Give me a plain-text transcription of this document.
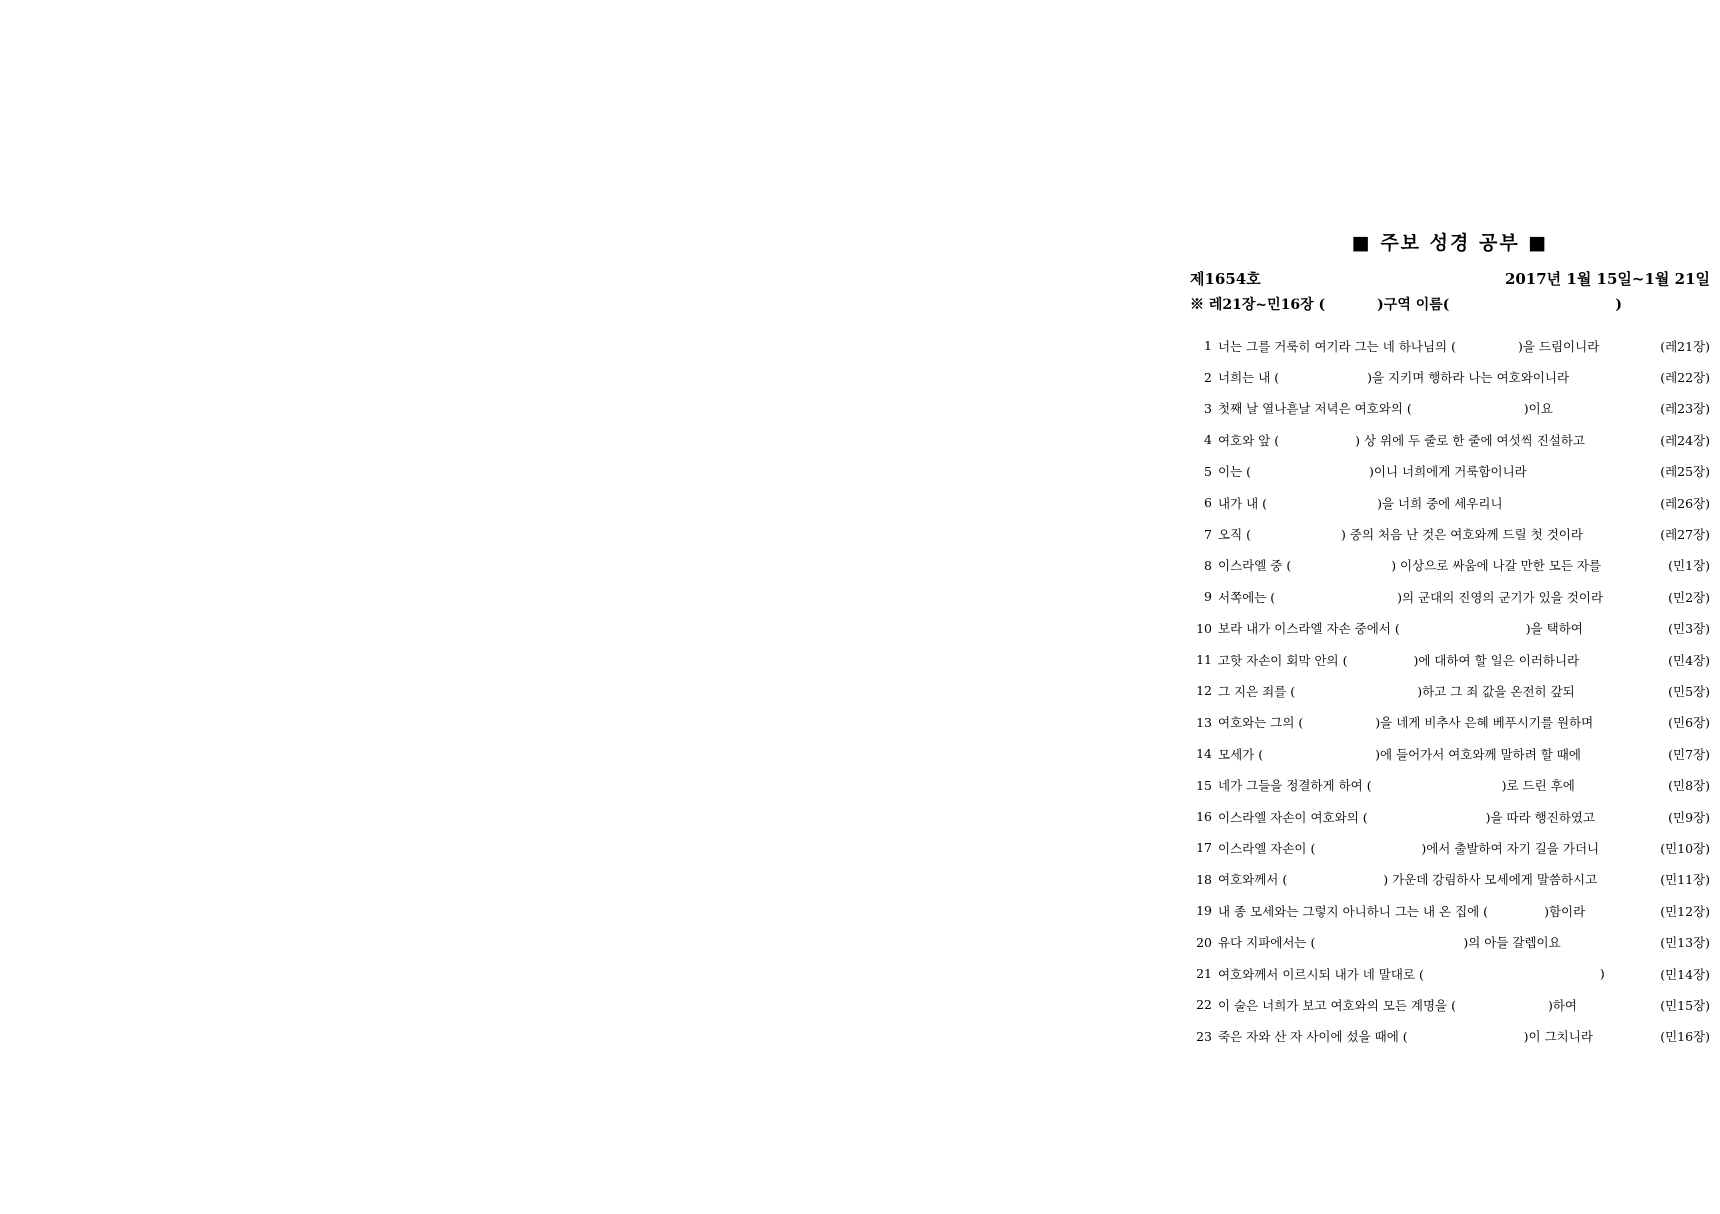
■ 주보 성경 공부 ■
제1654호	2017년 1월 15일~1월 21일
※ 레21장~민16장 (	)구역 이름(	)
1 너는 그를 거룩히 여기라 그는 네 하나님의 (	)을 드림이니라	(레21장)
2 너희는 내 (	)을 지키며 행하라 나는 여호와이니라	(레22장)
3 첫째 날 열나흗날 저녁은 여호와의 (	)이요	(레23장)
4 여호와 앞 (	) 상 위에 두 줄로 한 줄에 여섯씩 진설하고	(레24장)
5 이는 (	)이니 너희에게 거룩함이니라	(레25장)
6 내가 내 (	)을 너희 중에 세우리니	(레26장)
7 오직 (	) 중의 처음 난 것은 여호와께 드릴 첫 것이라	(레27장)
8 이스라엘 중 (	) 이상으로 싸움에 나갈 만한 모든 자를	(민1장)
9 서쪽에는 (	)의 군대의 진영의 군기가 있을 것이라	(민2장)
10 보라 내가 이스라엘 자손 중에서 (	)을 택하여	(민3장)
11 고핫 자손이 회막 안의 (	)에 대하여 할 일은 이러하니라	(민4장)
12 그 지은 죄를 (	)하고 그 죄 값을 온전히 갚되	(민5장)
13 여호와는 그의 (	)을 네게 비추사 은혜 베푸시기를 원하며	(민6장)
14 모세가 (	)에 들어가서 여호와께 말하려 할 때에	(민7장)
15 네가 그들을 정결하게 하여 (	)로 드린 후에	(민8장)
16 이스라엘 자손이 여호와의 (	)을 따라 행진하였고	(민9장)
17 이스라엘 자손이 (	)에서 출발하여 자기 길을 가더니	(민10장)
18 여호와께서 (	) 가운데 강림하사 모세에게 말씀하시고	(민11장)
19 내 종 모세와는 그렇지 아니하니 그는 내 온 집에 (	)함이라	(민12장)
20 유다 지파에서는 (	)의 아들 갈렙이요	(민13장)
21 여호와께서 이르시되 내가 네 말대로 (	)	(민14장)
22 이 술은 너희가 보고 여호와의 모든 계명을 (	)하여	(민15장)
23 죽은 자와 산 자 사이에 섰을 때에 (	)이 그치니라	(민16장)
